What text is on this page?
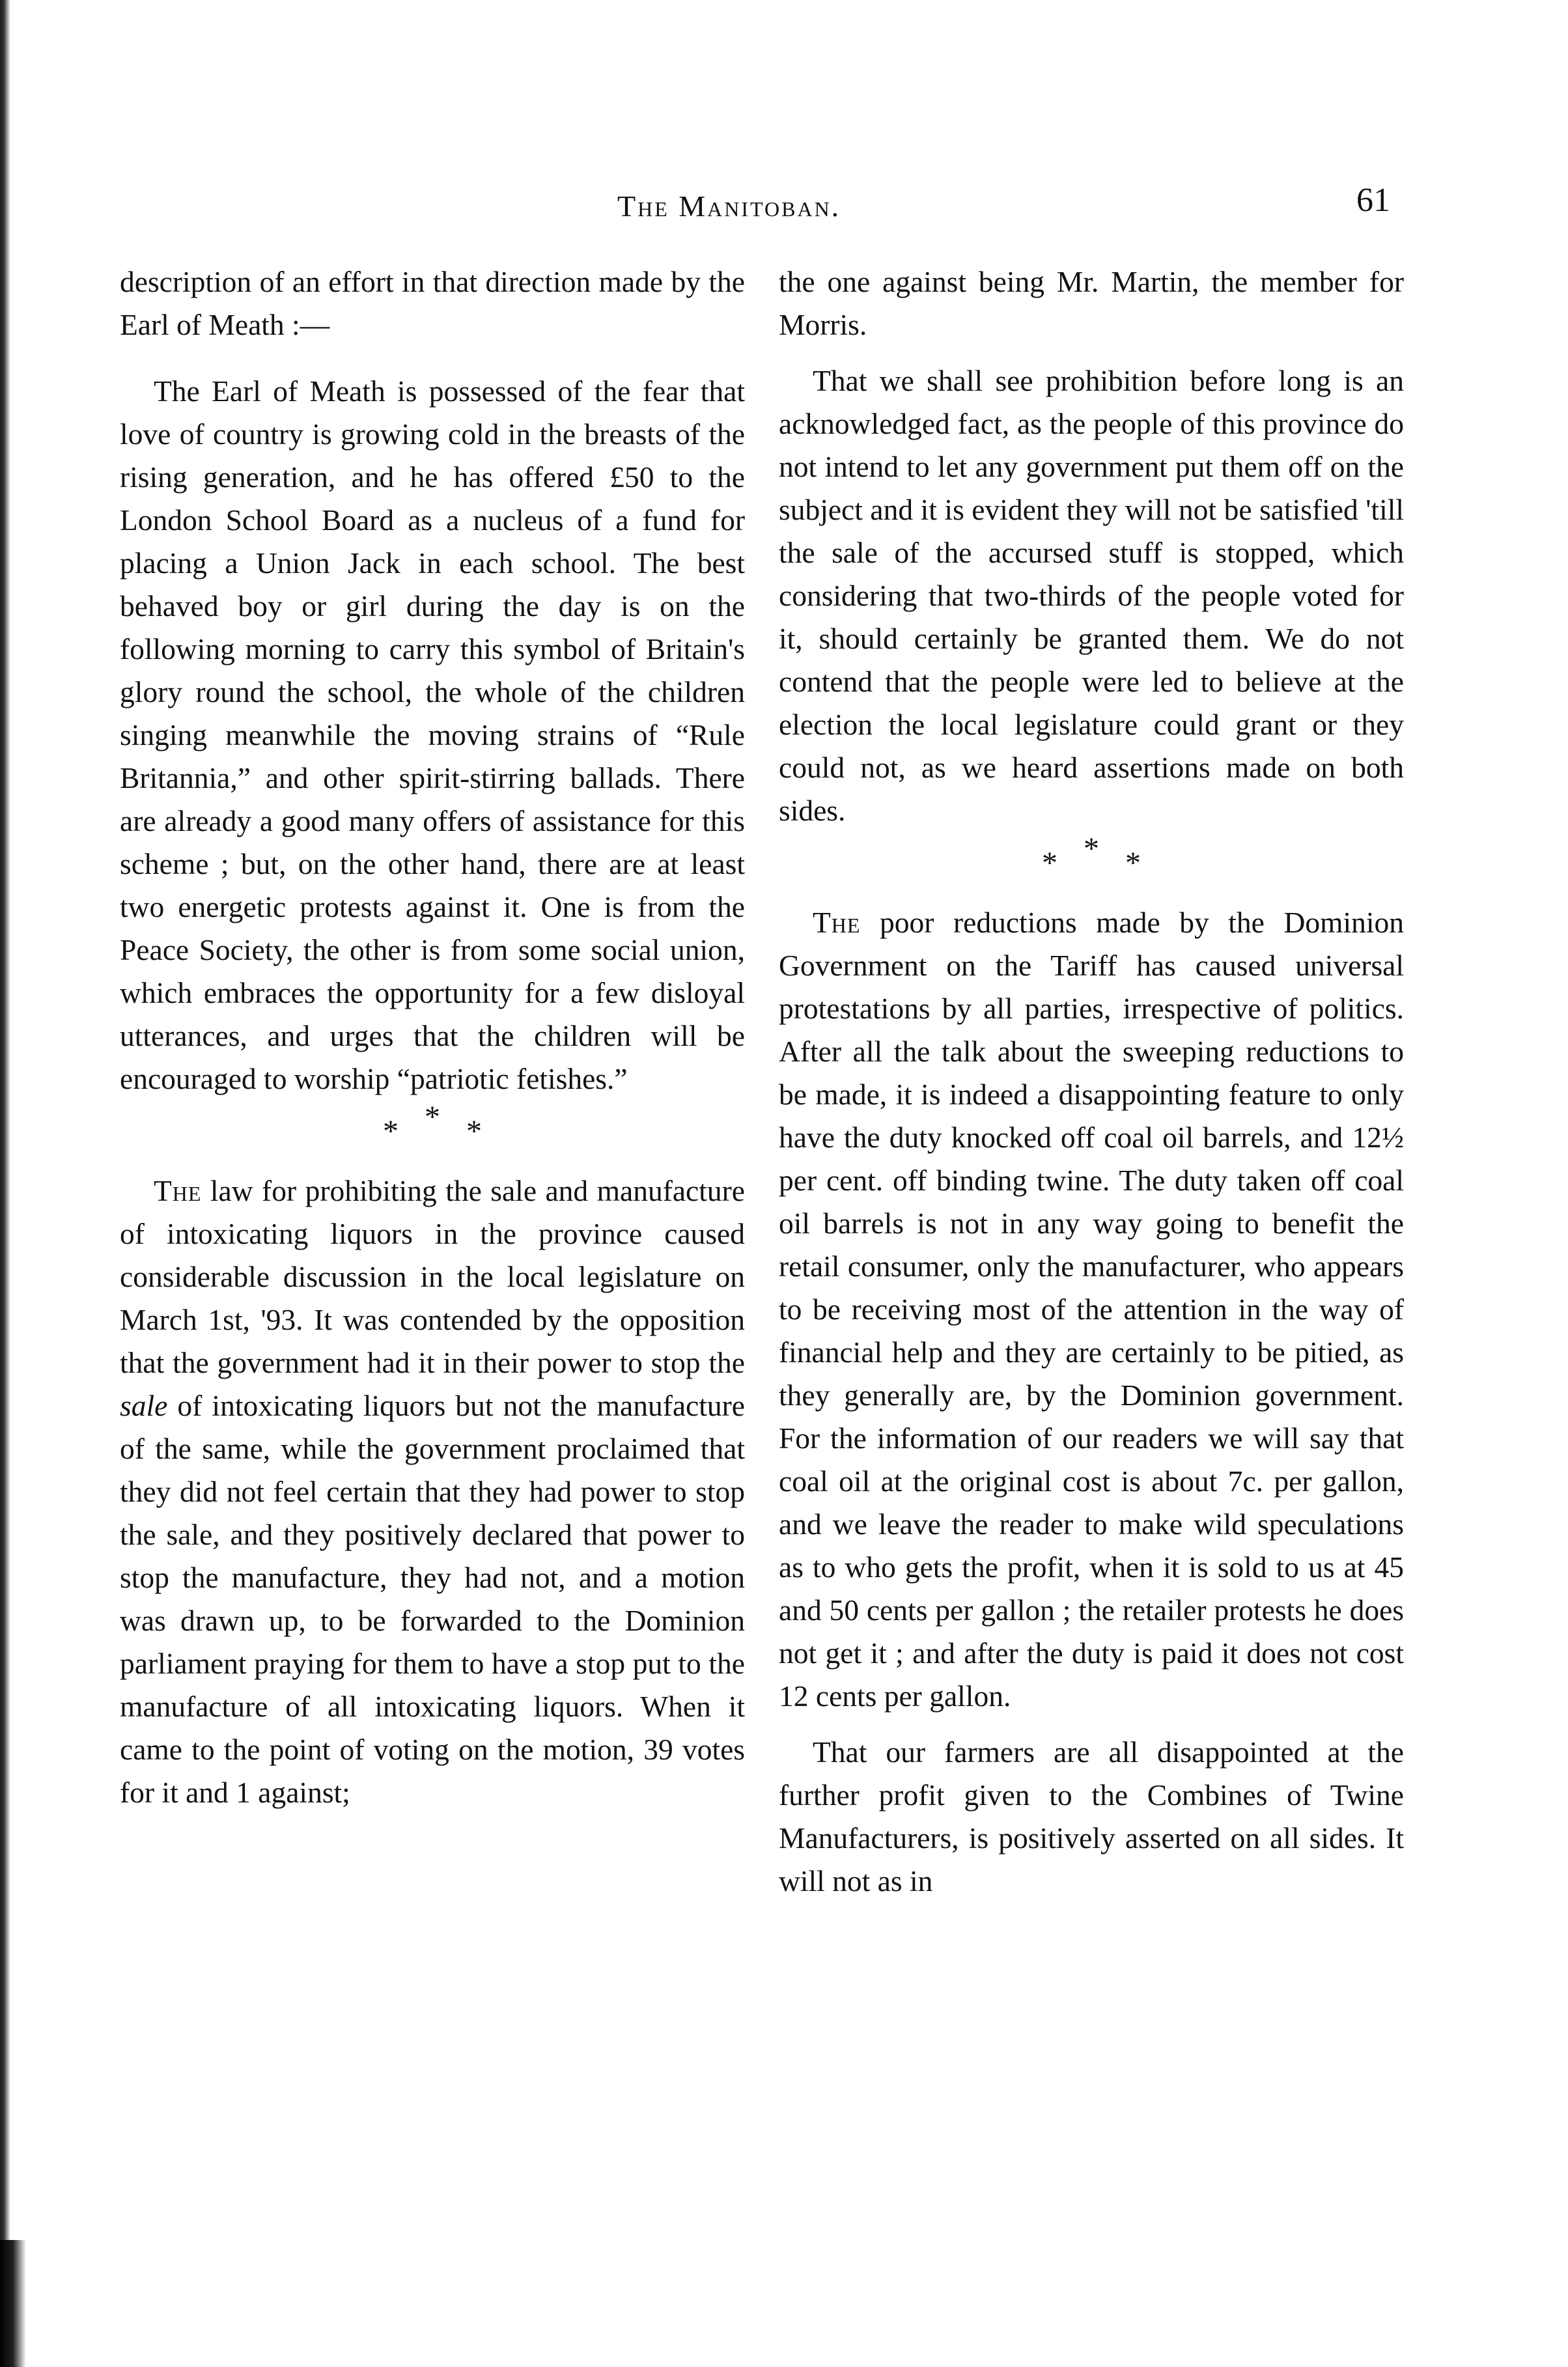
The Manitoban.	61

description of an effort in that direction made by the Earl of Meath :—

The Earl of Meath is possessed of the fear that love of country is growing cold in the breasts of the rising generation, and he has offered £50 to the London School Board as a nucleus of a fund for placing a Union Jack in each school. The best behaved boy or girl during the day is on the following morning to carry this symbol of Britain's glory round the school, the whole of the children singing meanwhile the moving strains of “Rule Britannia,” and other spirit-stirring ballads. There are already a good many offers of assistance for this scheme ; but, on the other hand, there are at least two energetic protests against it. One is from the Peace Society, the other is from some social union, which embraces the opportunity for a few disloyal utterances, and urges that the children will be encouraged to worship “patriotic fetishes.”

***

The law for prohibiting the sale and manufacture of intoxicating liquors in the province caused considerable discussion in the local legislature on March 1st, '93. It was contended by the opposition that the government had it in their power to stop the sale of intoxicating liquors but not the manufacture of the same, while the government proclaimed that they did not feel certain that they had power to stop the sale, and they positively declared that power to stop the manufacture, they had not, and a motion was drawn up, to be forwarded to the Dominion parliament praying for them to have a stop put to the manufacture of all intoxicating liquors. When it came to the point of voting on the motion, 39 votes for it and 1 against;

the one against being Mr. Martin, the member for Morris.

That we shall see prohibition before long is an acknowledged fact, as the people of this province do not intend to let any government put them off on the subject and it is evident they will not be satisfied 'till the sale of the accursed stuff is stopped, which considering that two-thirds of the people voted for it, should certainly be granted them. We do not contend that the people were led to believe at the election the local legislature could grant or they could not, as we heard assertions made on both sides.

***

The poor reductions made by the Dominion Government on the Tariff has caused universal protestations by all parties, irrespective of politics. After all the talk about the sweeping reductions to be made, it is indeed a disappointing feature to only have the duty knocked off coal oil barrels, and 12½ per cent. off binding twine. The duty taken off coal oil barrels is not in any way going to benefit the retail consumer, only the manufacturer, who appears to be receiving most of the attention in the way of financial help and they are certainly to be pitied, as they generally are, by the Dominion government. For the information of our readers we will say that coal oil at the original cost is about 7c. per gallon, and we leave the reader to make wild speculations as to who gets the profit, when it is sold to us at 45 and 50 cents per gallon ; the retailer protests he does not get it ; and after the duty is paid it does not cost 12 cents per gallon.

That our farmers are all disappointed at the further profit given to the Combines of Twine Manufacturers, is positively asserted on all sides. It will not as in
